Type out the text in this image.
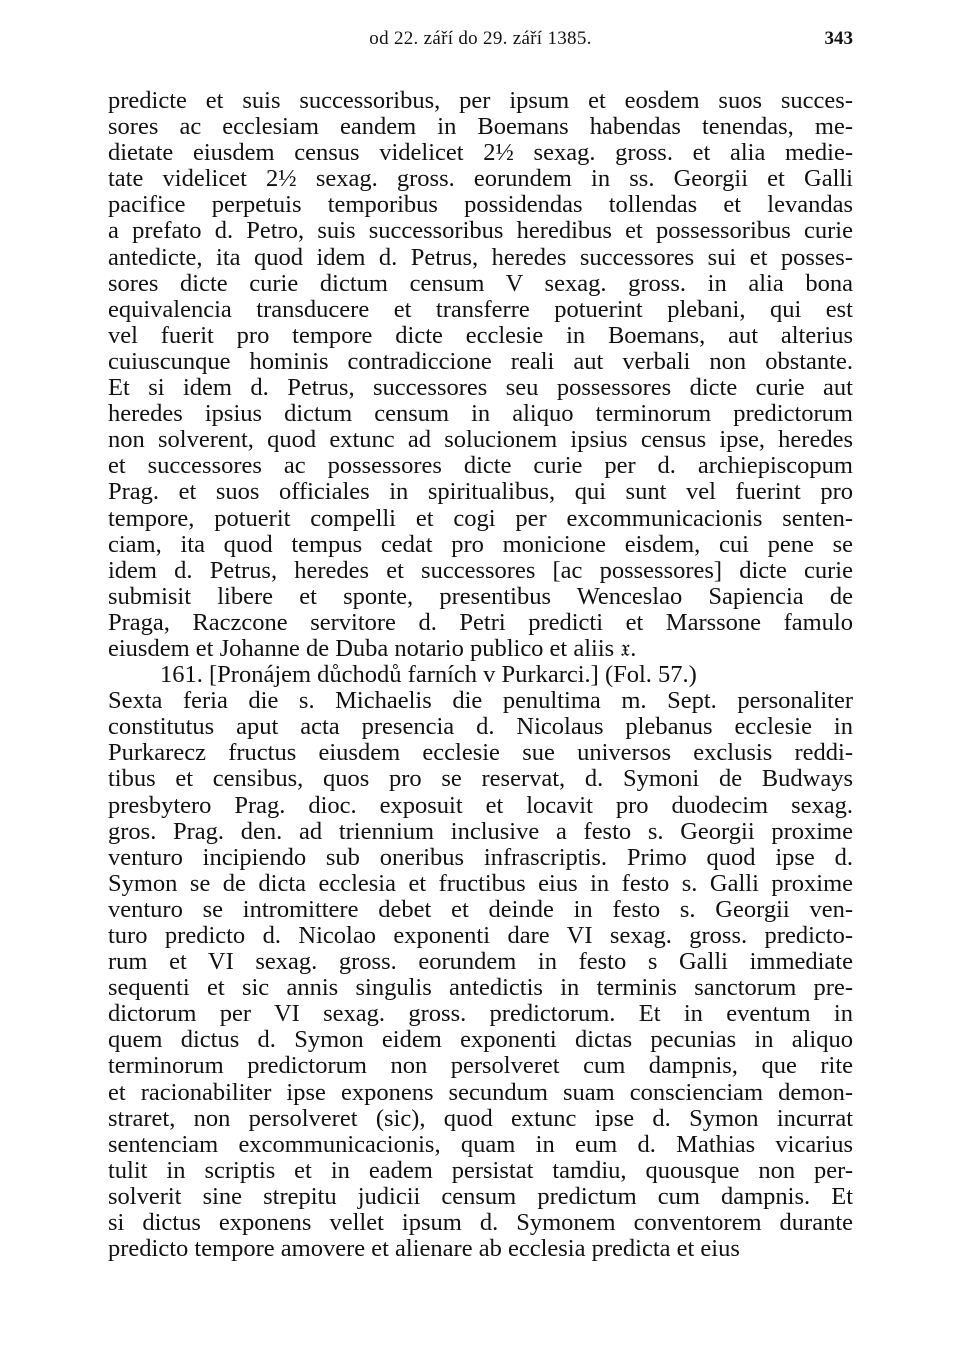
od 22. září do 29. září 1385.	343
predicte et suis successoribus, per ipsum et eosdem suos succes-
sores ac ecclesiam eandem in Boemans habendas tenendas, me-
dietate eiusdem census videlicet 2½ sexag. gross. et alia medie-
tate videlicet 2½ sexag. gross. eorundem in ss. Georgii et Galli
pacifice perpetuis temporibus possidendas tollendas et levandas
a prefato d. Petro, suis successoribus heredibus et possessoribus curie
antedicte, ita quod idem d. Petrus, heredes successores sui et posses-
sores dicte curie dictum censum V sexag. gross. in alia bona
equivalencia transducere et transferre potuerint plebani, qui est
vel fuerit pro tempore dicte ecclesie in Boemans, aut alterius
cuiuscunque hominis contradiccione reali aut verbali non obstante.
Et si idem d. Petrus, successores seu possessores dicte curie aut
heredes ipsius dictum censum in aliquo terminorum predictorum
non solverent, quod extunc ad solucionem ipsius census ipse, heredes
et successores ac possessores dicte curie per d. archiepiscopum
Prag. et suos officiales in spiritualibus, qui sunt vel fuerint pro
tempore, potuerit compelli et cogi per excommunicacionis senten-
ciam, ita quod tempus cedat pro monicione eisdem, cui pene se
idem d. Petrus, heredes et successores [ac possessores] dicte curie
submisit libere et sponte, presentibus Wenceslao Sapiencia de
Praga, Raczcone servitore d. Petri predicti et Marssone famulo
eiusdem et Johanne de Duba notario publico et aliis 𝔵.
161. [Pronájem důchodů farních v Purkarci.] (Fol. 57.)
Sexta feria die s. Michaelis die penultima m. Sept. personaliter
constitutus aput acta presencia d. Nicolaus plebanus ecclesie in
Purkarecz fructus eiusdem ecclesie sue universos exclusis reddi-
tibus et censibus, quos pro se reservat, d. Symoni de Budways
presbytero Prag. dioc. exposuit et locavit pro duodecim sexag.
gros. Prag. den. ad triennium inclusive a festo s. Georgii proxime
venturo incipiendo sub oneribus infrascriptis. Primo quod ipse d.
Symon se de dicta ecclesia et fructibus eius in festo s. Galli proxime
venturo se intromittere debet et deinde in festo s. Georgii ven-
turo predicto d. Nicolao exponenti dare VI sexag. gross. predicto-
rum et VI sexag. gross. eorundem in festo s Galli immediate
sequenti et sic annis singulis antedictis in terminis sanctorum pre-
dictorum per VI sexag. gross. predictorum. Et in eventum in
quem dictus d. Symon eidem exponenti dictas pecunias in aliquo
terminorum predictorum non persolveret cum dampnis, que rite
et racionabiliter ipse exponens secundum suam conscienciam demon-
straret, non persolveret (sic), quod extunc ipse d. Symon incurrat
sentenciam excommunicacionis, quam in eum d. Mathias vicarius
tulit in scriptis et in eadem persistat tamdiu, quousque non per-
solverit sine strepitu judicii censum predictum cum dampnis. Et
si dictus exponens vellet ipsum d. Symonem conventorem durante
predicto tempore amovere et alienare ab ecclesia predicta et eius
